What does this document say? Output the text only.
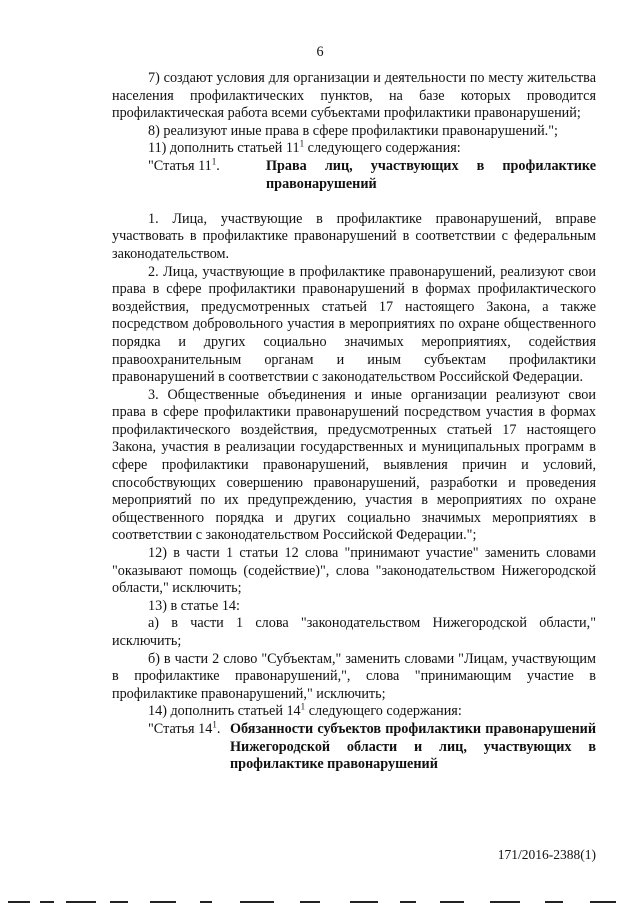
6

7) создают условия для организации и деятельности по месту жительства населения профилактических пунктов, на базе которых проводится профилактическая работа всеми субъектами профилактики правонарушений;

8) реализуют иные права в сфере профилактики правонарушений.";

11) дополнить статьей $11^1$ следующего содержания:

"Статья $11^1$.	Права лиц, участвующих в профилактике правонарушений

1. Лица, участвующие в профилактике правонарушений, вправе участвовать в профилактике правонарушений в соответствии с федеральным законодательством.

2. Лица, участвующие в профилактике правонарушений, реализуют свои права в сфере профилактики правонарушений в формах профилактического воздействия, предусмотренных статьей 17 настоящего Закона, а также посредством добровольного участия в мероприятиях по охране общественного порядка и других социально значимых мероприятиях, содействия правоохранительным органам и иным субъектам профилактики правонарушений в соответствии с законодательством Российской Федерации.

3. Общественные объединения и иные организации реализуют свои права в сфере профилактики правонарушений посредством участия в формах профилактического воздействия, предусмотренных статьей 17 настоящего Закона, участия в реализации государственных и муниципальных программ в сфере профилактики правонарушений, выявления причин и условий, способствующих совершению правонарушений, разработки и проведения мероприятий по их предупреждению, участия в мероприятиях по охране общественного порядка и других социально значимых мероприятиях в соответствии с законодательством Российской Федерации.";

12) в части 1 статьи 12 слова "принимают участие" заменить словами "оказывают помощь (содействие)", слова "законодательством Нижегородской области," исключить;

13) в статье 14:

а) в части 1 слова "законодательством Нижегородской области," исключить;

б) в части 2 слово "Субъектам," заменить словами "Лицам, участвующим в профилактике правонарушений,", слова "принимающим участие в профилактике правонарушений," исключить;

14) дополнить статьей $14^1$ следующего содержания:

"Статья $14^1$. Обязанности субъектов профилактики правонарушений Нижегородской области и лиц, участвующих в профилактике правонарушений
171/2016-2388(1)
